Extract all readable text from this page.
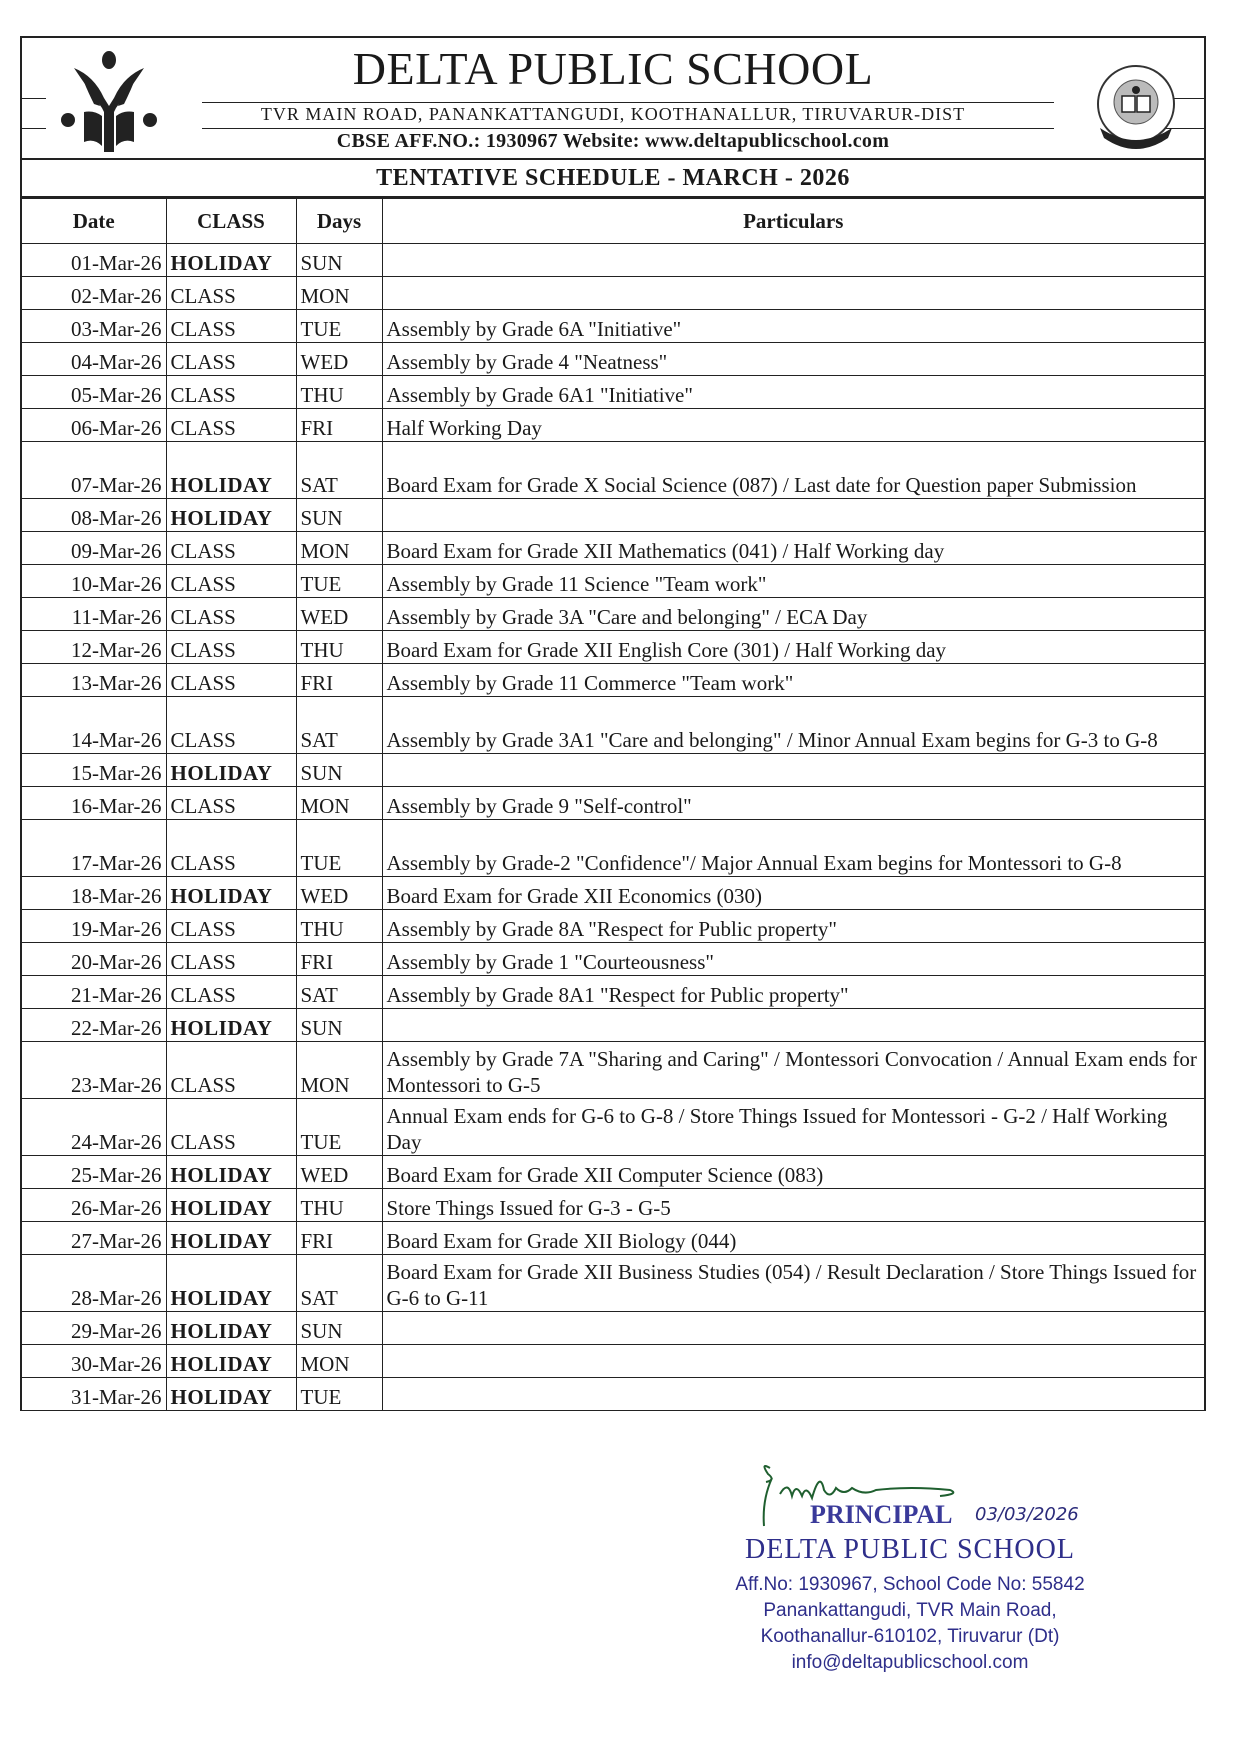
DELTA PUBLIC SCHOOL
TVR MAIN ROAD, PANANKATTANGUDI, KOOTHANALLUR, TIRUVARUR-DIST
CBSE AFF.NO.: 1930967 Website: www.deltapublicschool.com
TENTATIVE SCHEDULE - MARCH - 2026
Date	CLASS	Days	Particulars
01-Mar-26	HOLIDAY	SUN	
02-Mar-26	CLASS	MON	
03-Mar-26	CLASS	TUE	Assembly by Grade 6A "Initiative"
04-Mar-26	CLASS	WED	Assembly by Grade 4 "Neatness"
05-Mar-26	CLASS	THU	Assembly by Grade 6A1 "Initiative"
06-Mar-26	CLASS	FRI	Half Working Day
07-Mar-26	HOLIDAY	SAT	Board Exam for Grade X Social Science (087) / Last date for Question paper Submission
08-Mar-26	HOLIDAY	SUN	
09-Mar-26	CLASS	MON	Board Exam for Grade XII Mathematics (041) / Half Working day
10-Mar-26	CLASS	TUE	Assembly by Grade 11 Science "Team work"
11-Mar-26	CLASS	WED	Assembly by Grade 3A "Care and belonging" / ECA Day
12-Mar-26	CLASS	THU	Board Exam for Grade XII English Core (301) / Half Working day
13-Mar-26	CLASS	FRI	Assembly by Grade 11 Commerce "Team work"
14-Mar-26	CLASS	SAT	Assembly by Grade 3A1 "Care and belonging" / Minor Annual Exam begins for G-3 to G-8
15-Mar-26	HOLIDAY	SUN	
16-Mar-26	CLASS	MON	Assembly by Grade 9 "Self-control"
17-Mar-26	CLASS	TUE	Assembly by Grade-2 "Confidence"/ Major Annual Exam begins for Montessori to G-8
18-Mar-26	HOLIDAY	WED	Board Exam for Grade XII Economics (030)
19-Mar-26	CLASS	THU	Assembly by Grade 8A "Respect for Public property"
20-Mar-26	CLASS	FRI	Assembly by Grade 1 "Courteousness"
21-Mar-26	CLASS	SAT	Assembly by Grade 8A1 "Respect for Public property"
22-Mar-26	HOLIDAY	SUN	
23-Mar-26	CLASS	MON	Assembly by Grade 7A "Sharing and Caring" / Montessori Convocation / Annual Exam ends for Montessori to G-5
24-Mar-26	CLASS	TUE	Annual Exam ends for G-6 to G-8 / Store Things Issued for Montessori - G-2 / Half Working Day
25-Mar-26	HOLIDAY	WED	Board Exam for Grade XII Computer Science (083)
26-Mar-26	HOLIDAY	THU	Store Things Issued for G-3 - G-5
27-Mar-26	HOLIDAY	FRI	Board Exam for Grade XII Biology (044)
28-Mar-26	HOLIDAY	SAT	Board Exam for Grade XII Business Studies (054) / Result Declaration / Store Things Issued for G-6 to G-11
29-Mar-26	HOLIDAY	SUN	
30-Mar-26	HOLIDAY	MON	
31-Mar-26	HOLIDAY	TUE	
PRINCIPAL 03/03/2026
DELTA PUBLIC SCHOOL
Aff.No: 1930967, School Code No: 55842
Panankattangudi, TVR Main Road,
Koothanallur-610102, Tiruvarur (Dt)
info@deltapublicschool.com
